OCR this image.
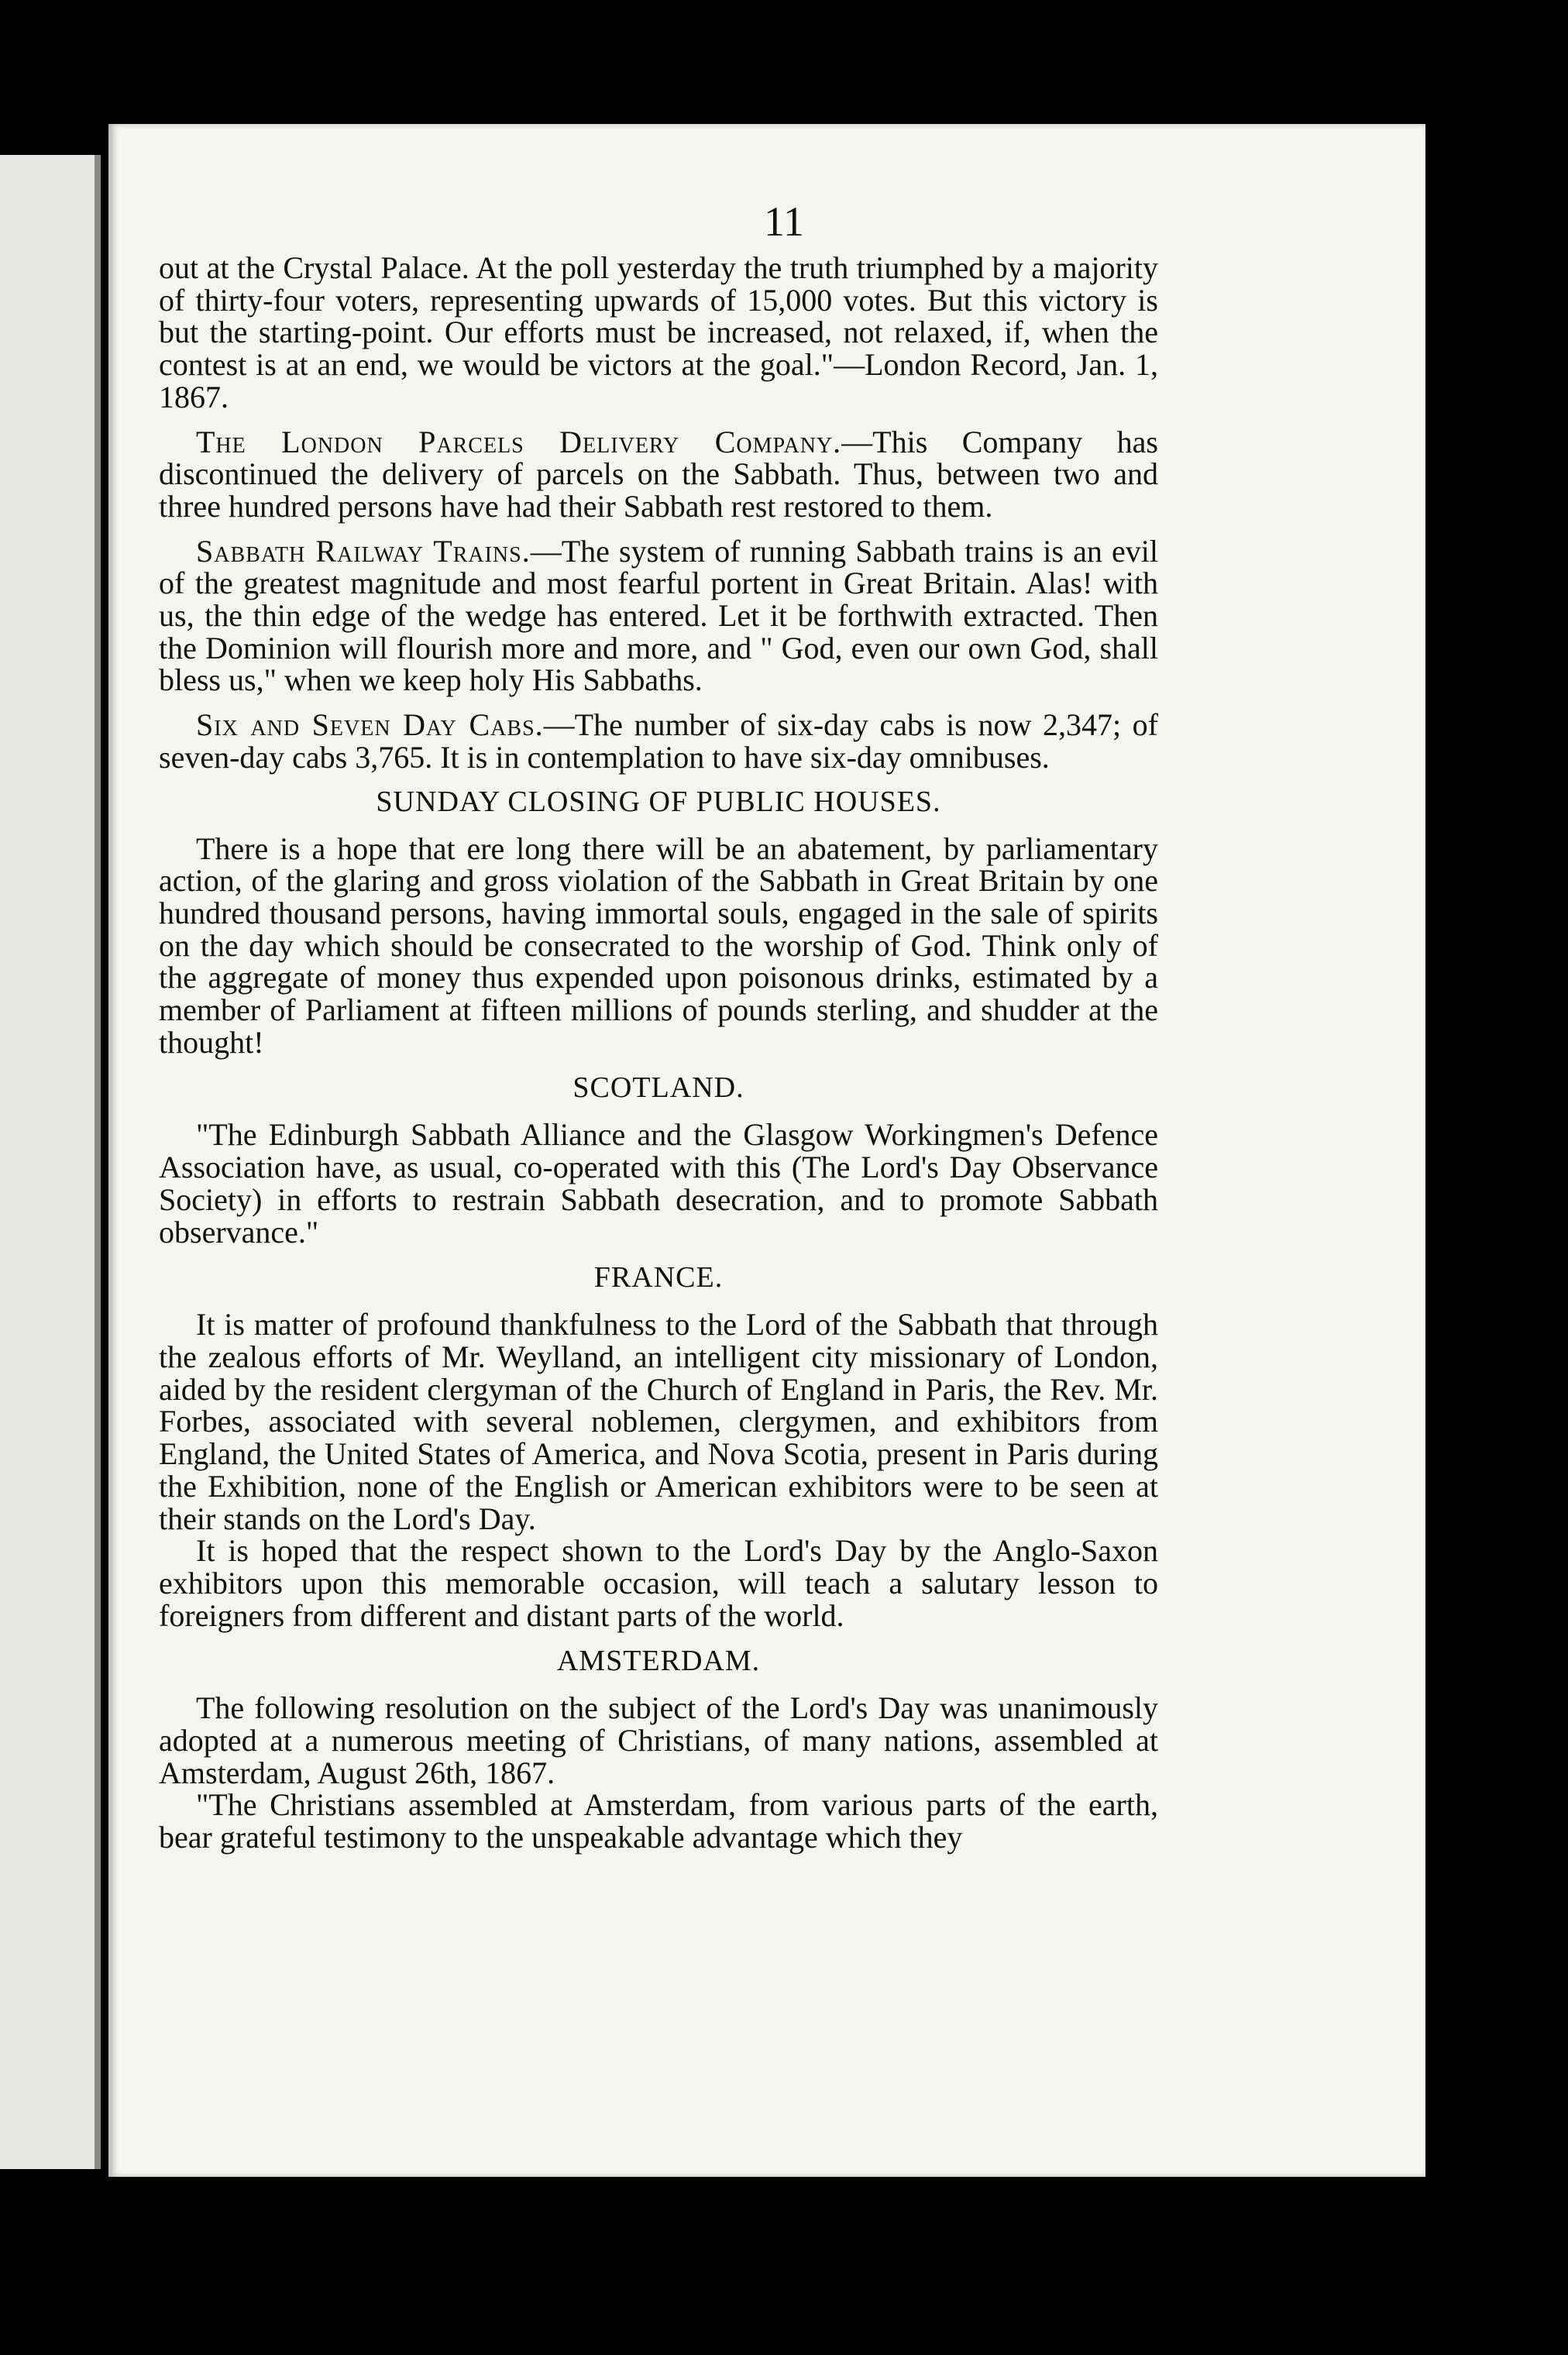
11

out at the Crystal Palace. At the poll yesterday the truth triumphed by a majority of thirty-four voters, representing upwards of 15,000 votes. But this victory is but the starting-point. Our efforts must be increased, not relaxed, if, when the contest is at an end, we would be victors at the goal."—London Record, Jan. 1, 1867.

The London Parcels Delivery Company.—This Company has discontinued the delivery of parcels on the Sabbath. Thus, between two and three hundred persons have had their Sabbath rest restored to them.

Sabbath Railway Trains.—The system of running Sabbath trains is an evil of the greatest magnitude and most fearful portent in Great Britain. Alas! with us, the thin edge of the wedge has entered. Let it be forthwith extracted. Then the Dominion will flourish more and more, and " God, even our own God, shall bless us," when we keep holy His Sabbaths.

Six and Seven Day Cabs.—The number of six-day cabs is now 2,347; of seven-day cabs 3,765. It is in contemplation to have six-day omnibuses.

SUNDAY CLOSING OF PUBLIC HOUSES.

There is a hope that ere long there will be an abatement, by parliamentary action, of the glaring and gross violation of the Sabbath in Great Britain by one hundred thousand persons, having immortal souls, engaged in the sale of spirits on the day which should be consecrated to the worship of God. Think only of the aggregate of money thus expended upon poisonous drinks, estimated by a member of Parliament at fifteen millions of pounds sterling, and shudder at the thought!

SCOTLAND.

"The Edinburgh Sabbath Alliance and the Glasgow Workingmen's Defence Association have, as usual, co-operated with this (The Lord's Day Observance Society) in efforts to restrain Sabbath desecration, and to promote Sabbath observance."

FRANCE.

It is matter of profound thankfulness to the Lord of the Sabbath that through the zealous efforts of Mr. Weylland, an intelligent city missionary of London, aided by the resident clergyman of the Church of England in Paris, the Rev. Mr. Forbes, associated with several noblemen, clergymen, and exhibitors from England, the United States of America, and Nova Scotia, present in Paris during the Exhibition, none of the English or American exhibitors were to be seen at their stands on the Lord's Day.

It is hoped that the respect shown to the Lord's Day by the Anglo-Saxon exhibitors upon this memorable occasion, will teach a salutary lesson to foreigners from different and distant parts of the world.

AMSTERDAM.

The following resolution on the subject of the Lord's Day was unanimously adopted at a numerous meeting of Christians, of many nations, assembled at Amsterdam, August 26th, 1867.

"The Christians assembled at Amsterdam, from various parts of the earth, bear grateful testimony to the unspeakable advantage which they
